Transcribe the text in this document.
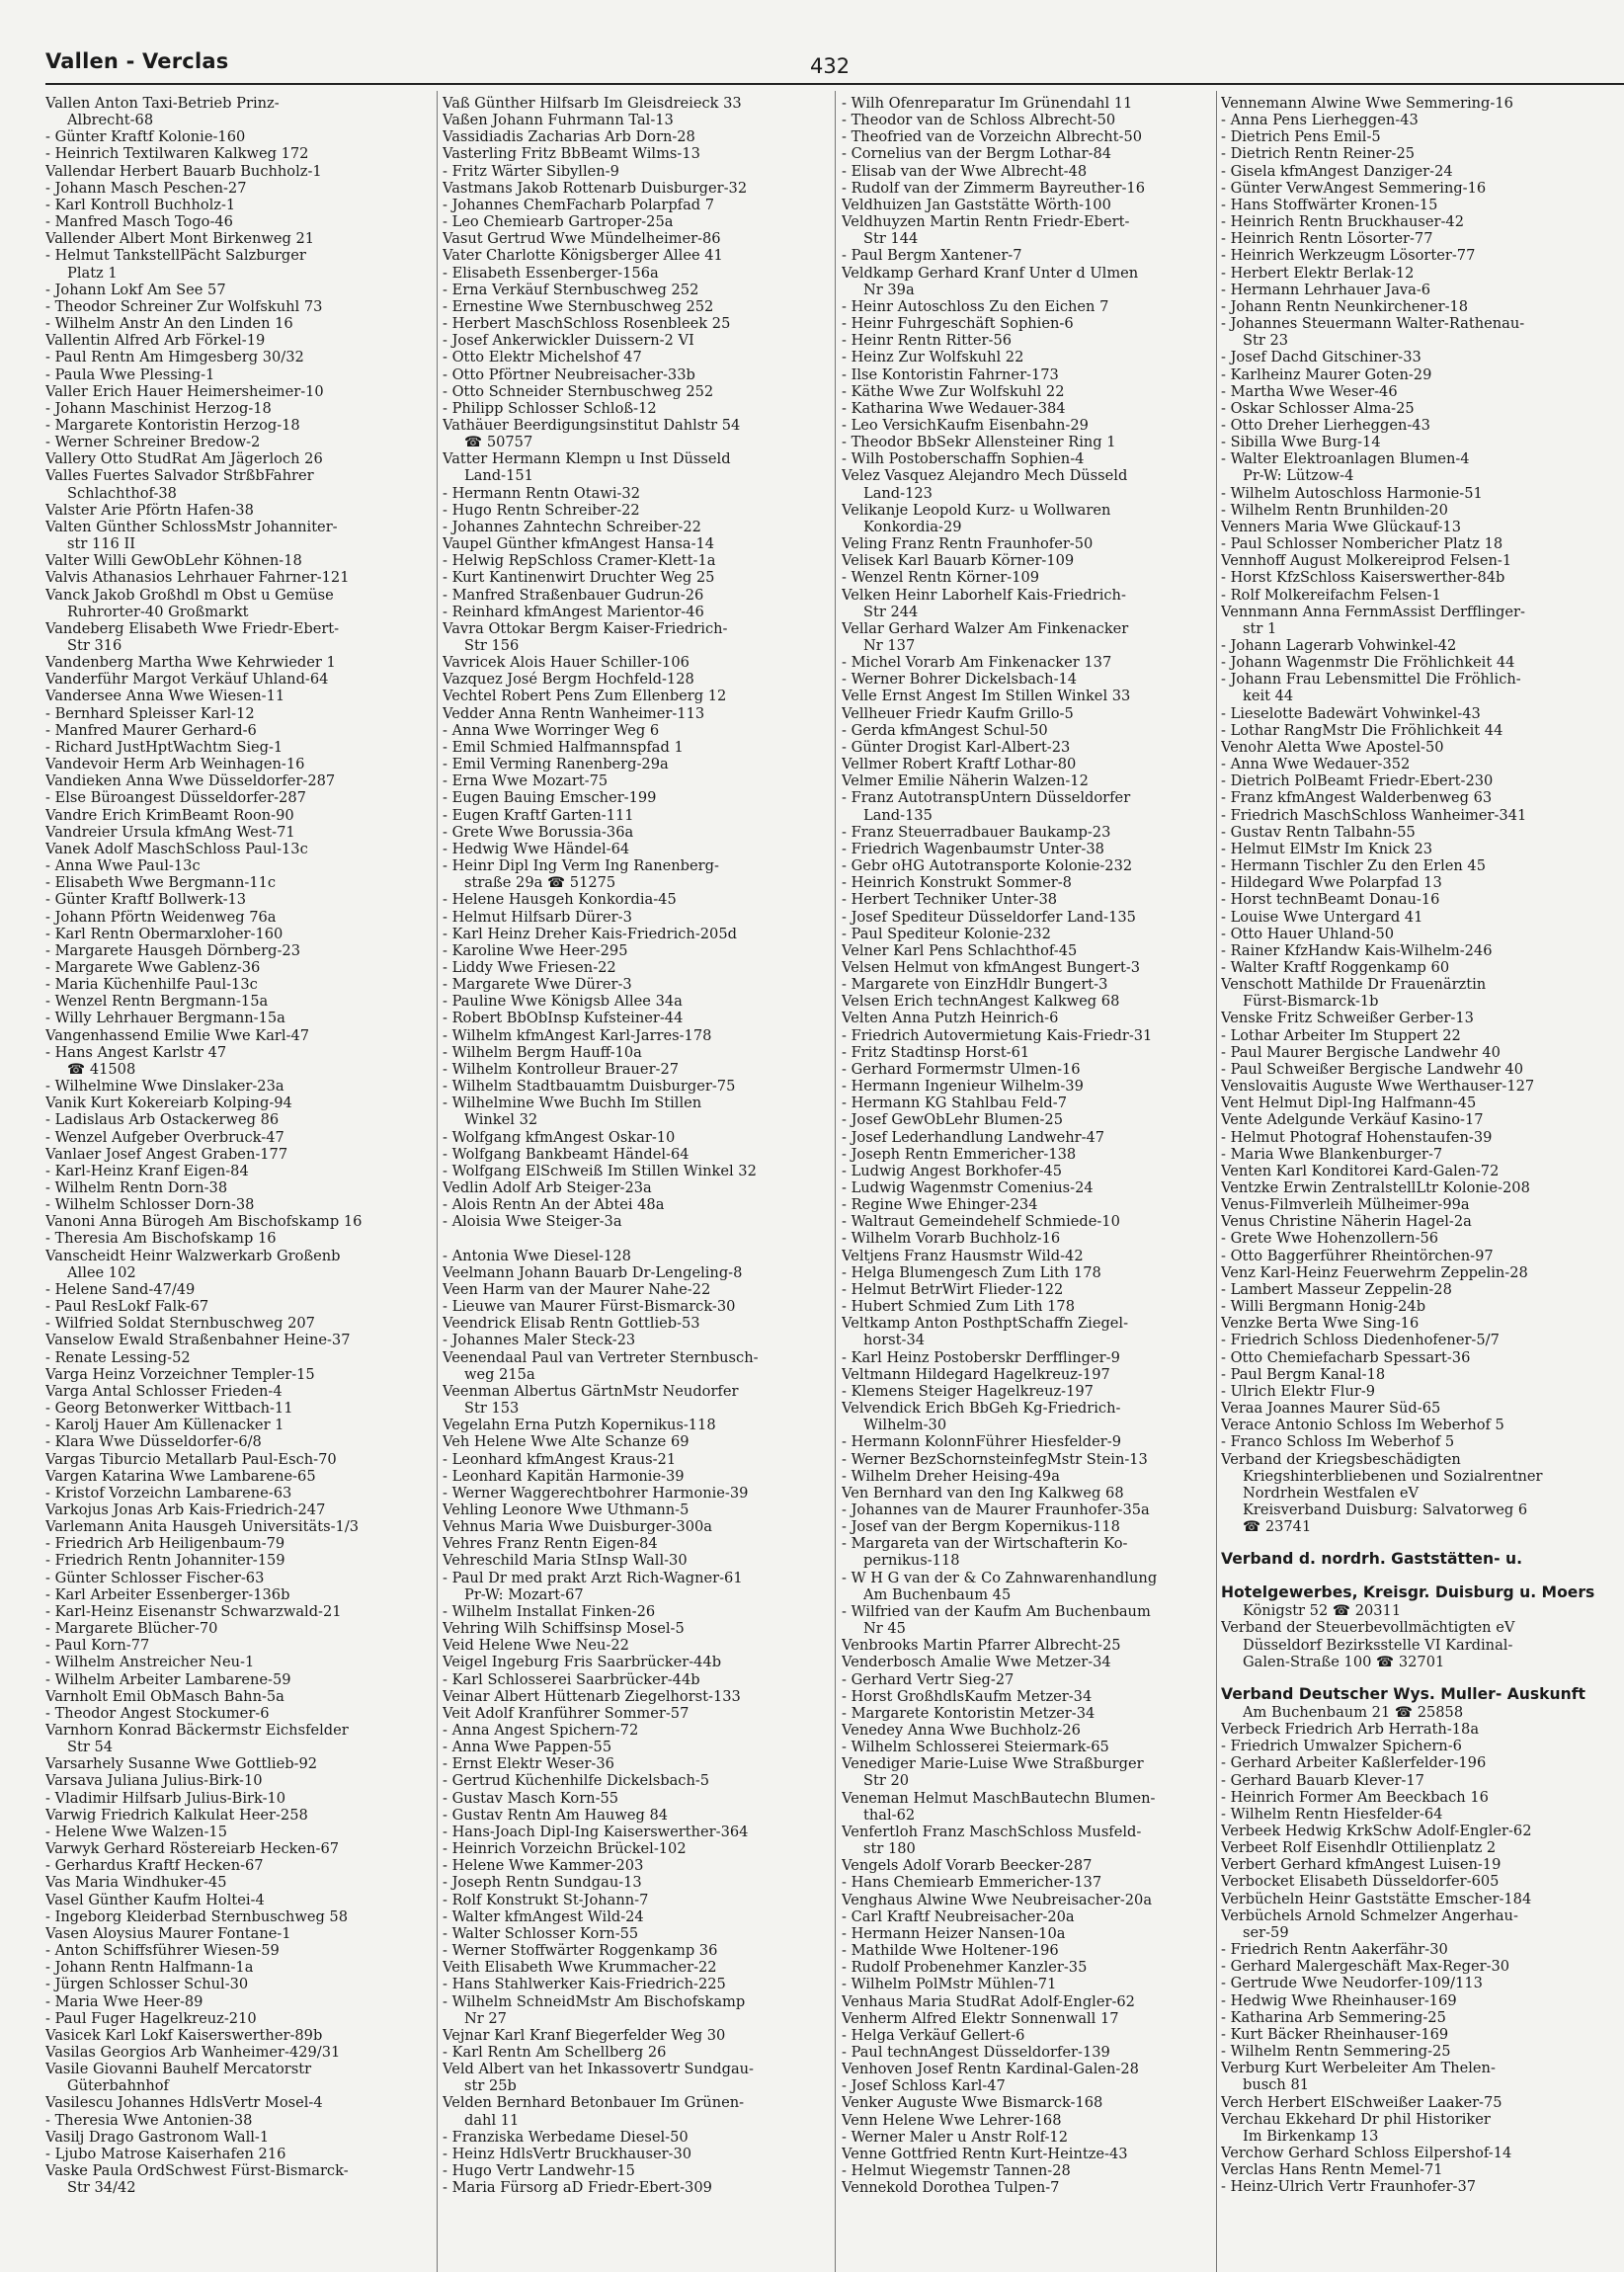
Vallen - Verclas	432
Vallen Anton Taxi-Betrieb Prinz-
Albrecht-68
- Günter Kraftf Kolonie-160
- Heinrich Textilwaren Kalkweg 172
Vallendar Herbert Bauarb Buchholz-1
- Johann Masch Peschen-27
- Karl Kontroll Buchholz-1
- Manfred Masch Togo-46
Vallender Albert Mont Birkenweg 21
- Helmut TankstellPächt Salzburger
Platz 1
- Johann Lokf Am See 57
- Theodor Schreiner Zur Wolfskuhl 73
- Wilhelm Anstr An den Linden 16
Vallentin Alfred Arb Förkel-19
- Paul Rentn Am Himgesberg 30/32
- Paula Wwe Plessing-1
Valler Erich Hauer Heimersheimer-10
- Johann Maschinist Herzog-18
- Margarete Kontoristin Herzog-18
- Werner Schreiner Bredow-2
Vallery Otto StudRat Am Jägerloch 26
Valles Fuertes Salvador StrßbFahrer
Schlachthof-38
Valster Arie Pförtn Hafen-38
Valten Günther SchlossMstr Johanniter-
str 116 II
Valter Willi GewObLehr Köhnen-18
Valvis Athanasios Lehrhauer Fahrner-121
Vanck Jakob Großhdl m Obst u Gemüse
Ruhrorter-40 Großmarkt
Vandeberg Elisabeth Wwe Friedr-Ebert-
Str 316
Vandenberg Martha Wwe Kehrwieder 1
Vanderführ Margot Verkäuf Uhland-64
Vandersee Anna Wwe Wiesen-11
- Bernhard Spleisser Karl-12
- Manfred Maurer Gerhard-6
- Richard JustHptWachtm Sieg-1
Vandevoir Herm Arb Weinhagen-16
Vandieken Anna Wwe Düsseldorfer-287
- Else Büroangest Düsseldorfer-287
Vandre Erich KrimBeamt Roon-90
Vandreier Ursula kfmAng West-71
Vanek Adolf MaschSchloss Paul-13c
- Anna Wwe Paul-13c
- Elisabeth Wwe Bergmann-11c
- Günter Kraftf Bollwerk-13
- Johann Pförtn Weidenweg 76a
- Karl Rentn Obermarxloher-160
- Margarete Hausgeh Dörnberg-23
- Margarete Wwe Gablenz-36
- Maria Küchenhilfe Paul-13c
- Wenzel Rentn Bergmann-15a
- Willy Lehrhauer Bergmann-15a
Vangenhassend Emilie Wwe Karl-47
- Hans Angest Karlstr 47
☎ 41508
- Wilhelmine Wwe Dinslaker-23a
Vanik Kurt Kokereiarb Kolping-94
- Ladislaus Arb Ostackerweg 86
- Wenzel Aufgeber Overbruck-47
Vanlaer Josef Angest Graben-177
- Karl-Heinz Kranf Eigen-84
- Wilhelm Rentn Dorn-38
- Wilhelm Schlosser Dorn-38
Vanoni Anna Bürogeh Am Bischofskamp 16
- Theresia Am Bischofskamp 16
Vanscheidt Heinr Walzwerkarb Großenb
Allee 102
- Helene Sand-47/49
- Paul ResLokf Falk-67
- Wilfried Soldat Sternbuschweg 207
Vanselow Ewald Straßenbahner Heine-37
- Renate Lessing-52
Varga Heinz Vorzeichner Templer-15
Varga Antal Schlosser Frieden-4
- Georg Betonwerker Wittbach-11
- Karolj Hauer Am Küllenacker 1
- Klara Wwe Düsseldorfer-6/8
Vargas Tiburcio Metallarb Paul-Esch-70
Vargen Katarina Wwe Lambarene-65
- Kristof Vorzeichn Lambarene-63
Varkojus Jonas Arb Kais-Friedrich-247
Varlemann Anita Hausgeh Universitäts-1/3
- Friedrich Arb Heiligenbaum-79
- Friedrich Rentn Johanniter-159
- Günter Schlosser Fischer-63
- Karl Arbeiter Essenberger-136b
- Karl-Heinz Eisenanstr Schwarzwald-21
- Margarete Blücher-70
- Paul Korn-77
- Wilhelm Anstreicher Neu-1
- Wilhelm Arbeiter Lambarene-59
Varnholt Emil ObMasch Bahn-5a
- Theodor Angest Stockumer-6
Varnhorn Konrad Bäckermstr Eichsfelder
Str 54
Varsarhely Susanne Wwe Gottlieb-92
Varsava Juliana Julius-Birk-10
- Vladimir Hilfsarb Julius-Birk-10
Varwig Friedrich Kalkulat Heer-258
- Helene Wwe Walzen-15
Varwyk Gerhard Röstereiarb Hecken-67
- Gerhardus Kraftf Hecken-67
Vas Maria Windhuker-45
Vasel Günther Kaufm Holtei-4
- Ingeborg Kleiderbad Sternbuschweg 58
Vasen Aloysius Maurer Fontane-1
- Anton Schiffsführer Wiesen-59
- Johann Rentn Halfmann-1a
- Jürgen Schlosser Schul-30
- Maria Wwe Heer-89
- Paul Fuger Hagelkreuz-210
Vasicek Karl Lokf Kaiserswerther-89b
Vasilas Georgios Arb Wanheimer-429/31
Vasile Giovanni Bauhelf Mercatorstr
Güterbahnhof
Vasilescu Johannes HdlsVertr Mosel-4
- Theresia Wwe Antonien-38
Vasilj Drago Gastronom Wall-1
- Ljubo Matrose Kaiserhafen 216
Vaske Paula OrdSchwest Fürst-Bismarck-
Str 34/42
Vaß Günther Hilfsarb Im Gleisdreieck 33
Vaßen Johann Fuhrmann Tal-13
Vassidiadis Zacharias Arb Dorn-28
Vasterling Fritz BbBeamt Wilms-13
- Fritz Wärter Sibyllen-9
Vastmans Jakob Rottenarb Duisburger-32
- Johannes ChemFacharb Polarpfad 7
- Leo Chemiearb Gartroper-25a
Vasut Gertrud Wwe Mündelheimer-86
Vater Charlotte Königsberger Allee 41
- Elisabeth Essenberger-156a
- Erna Verkäuf Sternbuschweg 252
- Ernestine Wwe Sternbuschweg 252
- Herbert MaschSchloss Rosenbleek 25
- Josef Ankerwickler Duissern-2 VI
- Otto Elektr Michelshof 47
- Otto Pförtner Neubreisacher-33b
- Otto Schneider Sternbuschweg 252
- Philipp Schlosser Schloß-12
Vathäuer Beerdigungsinstitut Dahlstr 54
☎ 50757
Vatter Hermann Klempn u Inst Düsseld
Land-151
- Hermann Rentn Otawi-32
- Hugo Rentn Schreiber-22
- Johannes Zahntechn Schreiber-22
Vaupel Günther kfmAngest Hansa-14
- Helwig RepSchloss Cramer-Klett-1a
- Kurt Kantinenwirt Druchter Weg 25
- Manfred Straßenbauer Gudrun-26
- Reinhard kfmAngest Marientor-46
Vavra Ottokar Bergm Kaiser-Friedrich-
Str 156
Vavricek Alois Hauer Schiller-106
Vazquez José Bergm Hochfeld-128
Vechtel Robert Pens Zum Ellenberg 12
Vedder Anna Rentn Wanheimer-113
- Anna Wwe Worringer Weg 6
- Emil Schmied Halfmannspfad 1
- Emil Verming Ranenberg-29a
- Erna Wwe Mozart-75
- Eugen Bauing Emscher-199
- Eugen Kraftf Garten-111
- Grete Wwe Borussia-36a
- Hedwig Wwe Händel-64
- Heinr Dipl Ing Verm Ing Ranenberg-
straße 29a ☎ 51275
- Helene Hausgeh Konkordia-45
- Helmut Hilfsarb Dürer-3
- Karl Heinz Dreher Kais-Friedrich-205d
- Karoline Wwe Heer-295
- Liddy Wwe Friesen-22
- Margarete Wwe Dürer-3
- Pauline Wwe Königsb Allee 34a
- Robert BbObInsp Kufsteiner-44
- Wilhelm kfmAngest Karl-Jarres-178
- Wilhelm Bergm Hauff-10a
- Wilhelm Kontrolleur Brauer-27
- Wilhelm Stadtbauamtm Duisburger-75
- Wilhelmine Wwe Buchh Im Stillen
Winkel 32
- Wolfgang kfmAngest Oskar-10
- Wolfgang Bankbeamt Händel-64
- Wolfgang ElSchweiß Im Stillen Winkel 32
Vedlin Adolf Arb Steiger-23a
- Alois Rentn An der Abtei 48a
- Aloisia Wwe Steiger-3a

- Antonia Wwe Diesel-128
Veelmann Johann Bauarb Dr-Lengeling-8
Veen Harm van der Maurer Nahe-22
- Lieuwe van Maurer Fürst-Bismarck-30
Veendrick Elisab Rentn Gottlieb-53
- Johannes Maler Steck-23
Veenendaal Paul van Vertreter Sternbusch-
weg 215a
Veenman Albertus GärtnMstr Neudorfer
Str 153
Vegelahn Erna Putzh Kopernikus-118
Veh Helene Wwe Alte Schanze 69
- Leonhard kfmAngest Kraus-21
- Leonhard Kapitän Harmonie-39
- Werner Waggerechtbohrer Harmonie-39
Vehling Leonore Wwe Uthmann-5
Vehnus Maria Wwe Duisburger-300a
Vehres Franz Rentn Eigen-84
Vehreschild Maria StInsp Wall-30
- Paul Dr med prakt Arzt Rich-Wagner-61
Pr-W: Mozart-67
- Wilhelm Installat Finken-26
Vehring Wilh Schiffsinsp Mosel-5
Veid Helene Wwe Neu-22
Veigel Ingeburg Fris Saarbrücker-44b
- Karl Schlosserei Saarbrücker-44b
Veinar Albert Hüttenarb Ziegelhorst-133
Veit Adolf Kranführer Sommer-57
- Anna Angest Spichern-72
- Anna Wwe Pappen-55
- Ernst Elektr Weser-36
- Gertrud Küchenhilfe Dickelsbach-5
- Gustav Masch Korn-55
- Gustav Rentn Am Hauweg 84
- Hans-Joach Dipl-Ing Kaiserswerther-364
- Heinrich Vorzeichn Brückel-102
- Helene Wwe Kammer-203
- Joseph Rentn Sundgau-13
- Rolf Konstrukt St-Johann-7
- Walter kfmAngest Wild-24
- Walter Schlosser Korn-55
- Werner Stoffwärter Roggenkamp 36
Veith Elisabeth Wwe Krummacher-22
- Hans Stahlwerker Kais-Friedrich-225
- Wilhelm SchneidMstr Am Bischofskamp
Nr 27
Vejnar Karl Kranf Biegerfelder Weg 30
- Karl Rentn Am Schellberg 26
Veld Albert van het Inkassovertr Sundgau-
str 25b
Velden Bernhard Betonbauer Im Grünen-
dahl 11
- Franziska Werbedame Diesel-50
- Heinz HdlsVertr Bruckhauser-30
- Hugo Vertr Landwehr-15
- Maria Fürsorg aD Friedr-Ebert-309
- Wilh Ofenreparatur Im Grünendahl 11
- Theodor van de Schloss Albrecht-50
- Theofried van de Vorzeichn Albrecht-50
- Cornelius van der Bergm Lothar-84
- Elisab van der Wwe Albrecht-48
- Rudolf van der Zimmerm Bayreuther-16
Veldhuizen Jan Gaststätte Wörth-100
Veldhuyzen Martin Rentn Friedr-Ebert-
Str 144
- Paul Bergm Xantener-7
Veldkamp Gerhard Kranf Unter d Ulmen
Nr 39a
- Heinr Autoschloss Zu den Eichen 7
- Heinr Fuhrgeschäft Sophien-6
- Heinr Rentn Ritter-56
- Heinz Zur Wolfskuhl 22
- Ilse Kontoristin Fahrner-173
- Käthe Wwe Zur Wolfskuhl 22
- Katharina Wwe Wedauer-384
- Leo VersichKaufm Eisenbahn-29
- Theodor BbSekr Allensteiner Ring 1
- Wilh Postoberschaffn Sophien-4
Velez Vasquez Alejandro Mech Düsseld
Land-123
Velikanje Leopold Kurz- u Wollwaren
Konkordia-29
Veling Franz Rentn Fraunhofer-50
Velisek Karl Bauarb Körner-109
- Wenzel Rentn Körner-109
Velken Heinr Laborhelf Kais-Friedrich-
Str 244
Vellar Gerhard Walzer Am Finkenacker
Nr 137
- Michel Vorarb Am Finkenacker 137
- Werner Bohrer Dickelsbach-14
Velle Ernst Angest Im Stillen Winkel 33
Vellheuer Friedr Kaufm Grillo-5
- Gerda kfmAngest Schul-50
- Günter Drogist Karl-Albert-23
Vellmer Robert Kraftf Lothar-80
Velmer Emilie Näherin Walzen-12
- Franz AutotranspUntern Düsseldorfer
Land-135
- Franz Steuerradbauer Baukamp-23
- Friedrich Wagenbaumstr Unter-38
- Gebr oHG Autotransporte Kolonie-232
- Heinrich Konstrukt Sommer-8
- Herbert Techniker Unter-38
- Josef Spediteur Düsseldorfer Land-135
- Paul Spediteur Kolonie-232
Velner Karl Pens Schlachthof-45
Velsen Helmut von kfmAngest Bungert-3
- Margarete von EinzHdlr Bungert-3
Velsen Erich technAngest Kalkweg 68
Velten Anna Putzh Heinrich-6
- Friedrich Autovermietung Kais-Friedr-31
- Fritz Stadtinsp Horst-61
- Gerhard Formermstr Ulmen-16
- Hermann Ingenieur Wilhelm-39
- Hermann KG Stahlbau Feld-7
- Josef GewObLehr Blumen-25
- Josef Lederhandlung Landwehr-47
- Joseph Rentn Emmericher-138
- Ludwig Angest Borkhofer-45
- Ludwig Wagenmstr Comenius-24
- Regine Wwe Ehinger-234
- Waltraut Gemeindehelf Schmiede-10
- Wilhelm Vorarb Buchholz-16
Veltjens Franz Hausmstr Wild-42
- Helga Blumengesch Zum Lith 178
- Helmut BetrWirt Flieder-122
- Hubert Schmied Zum Lith 178
Veltkamp Anton PosthptSchaffn Ziegel-
horst-34
- Karl Heinz Postoberskr Derfflinger-9
Veltmann Hildegard Hagelkreuz-197
- Klemens Steiger Hagelkreuz-197
Velvendick Erich BbGeh Kg-Friedrich-
Wilhelm-30
- Hermann KolonnFührer Hiesfelder-9
- Werner BezSchornsteinfegMstr Stein-13
- Wilhelm Dreher Heising-49a
Ven Bernhard van den Ing Kalkweg 68
- Johannes van de Maurer Fraunhofer-35a
- Josef van der Bergm Kopernikus-118
- Margareta van der Wirtschafterin Ko-
pernikus-118
- W H G van der & Co Zahnwarenhandlung
Am Buchenbaum 45
- Wilfried van der Kaufm Am Buchenbaum
Nr 45
Venbrooks Martin Pfarrer Albrecht-25
Venderbosch Amalie Wwe Metzer-34
- Gerhard Vertr Sieg-27
- Horst GroßhdlsKaufm Metzer-34
- Margarete Kontoristin Metzer-34
Venedey Anna Wwe Buchholz-26
- Wilhelm Schlosserei Steiermark-65
Venediger Marie-Luise Wwe Straßburger
Str 20
Veneman Helmut MaschBautechn Blumen-
thal-62
Venfertloh Franz MaschSchloss Musfeld-
str 180
Vengels Adolf Vorarb Beecker-287
- Hans Chemiearb Emmericher-137
Venghaus Alwine Wwe Neubreisacher-20a
- Carl Kraftf Neubreisacher-20a
- Hermann Heizer Nansen-10a
- Mathilde Wwe Holtener-196
- Rudolf Probenehmer Kanzler-35
- Wilhelm PolMstr Mühlen-71
Venhaus Maria StudRat Adolf-Engler-62
Venherm Alfred Elektr Sonnenwall 17
- Helga Verkäuf Gellert-6
- Paul technAngest Düsseldorfer-139
Venhoven Josef Rentn Kardinal-Galen-28
- Josef Schloss Karl-47
Venker Auguste Wwe Bismarck-168
Venn Helene Wwe Lehrer-168
- Werner Maler u Anstr Rolf-12
Venne Gottfried Rentn Kurt-Heintze-43
- Helmut Wiegemstr Tannen-28
Vennekold Dorothea Tulpen-7
Vennemann Alwine Wwe Semmering-16
- Anna Pens Lierheggen-43
- Dietrich Pens Emil-5
- Dietrich Rentn Reiner-25
- Gisela kfmAngest Danziger-24
- Günter VerwAngest Semmering-16
- Hans Stoffwärter Kronen-15
- Heinrich Rentn Bruckhauser-42
- Heinrich Rentn Lösorter-77
- Heinrich Werkzeugm Lösorter-77
- Herbert Elektr Berlak-12
- Hermann Lehrhauer Java-6
- Johann Rentn Neunkirchener-18
- Johannes Steuermann Walter-Rathenau-
Str 23
- Josef Dachd Gitschiner-33
- Karlheinz Maurer Goten-29
- Martha Wwe Weser-46
- Oskar Schlosser Alma-25
- Otto Dreher Lierheggen-43
- Sibilla Wwe Burg-14
- Walter Elektroanlagen Blumen-4
Pr-W: Lützow-4
- Wilhelm Autoschloss Harmonie-51
- Wilhelm Rentn Brunhilden-20
Venners Maria Wwe Glückauf-13
- Paul Schlosser Nombericher Platz 18
Vennhoff August Molkereiprod Felsen-1
- Horst KfzSchloss Kaiserswerther-84b
- Rolf Molkereifachm Felsen-1
Vennmann Anna FernmAssist Derfflinger-
str 1
- Johann Lagerarb Vohwinkel-42
- Johann Wagenmstr Die Fröhlichkeit 44
- Johann Frau Lebensmittel Die Fröhlich-
keit 44
- Lieselotte Badewärt Vohwinkel-43
- Lothar RangMstr Die Fröhlichkeit 44
Venohr Aletta Wwe Apostel-50
- Anna Wwe Wedauer-352
- Dietrich PolBeamt Friedr-Ebert-230
- Franz kfmAngest Walderbenweg 63
- Friedrich MaschSchloss Wanheimer-341
- Gustav Rentn Talbahn-55
- Helmut ElMstr Im Knick 23
- Hermann Tischler Zu den Erlen 45
- Hildegard Wwe Polarpfad 13
- Horst technBeamt Donau-16
- Louise Wwe Untergard 41
- Otto Hauer Uhland-50
- Rainer KfzHandw Kais-Wilhelm-246
- Walter Kraftf Roggenkamp 60
Venschott Mathilde Dr Frauenärztin
Fürst-Bismarck-1b
Venske Fritz Schweißer Gerber-13
- Lothar Arbeiter Im Stuppert 22
- Paul Maurer Bergische Landwehr 40
- Paul Schweißer Bergische Landwehr 40
Venslovaitis Auguste Wwe Werthauser-127
Vent Helmut Dipl-Ing Halfmann-45
Vente Adelgunde Verkäuf Kasino-17
- Helmut Photograf Hohenstaufen-39
- Maria Wwe Blankenburger-7
Venten Karl Konditorei Kard-Galen-72
Ventzke Erwin ZentralstellLtr Kolonie-208
Venus-Filmverleih Mülheimer-99a
Venus Christine Näherin Hagel-2a
- Grete Wwe Hohenzollern-56
- Otto Baggerführer Rheintörchen-97
Venz Karl-Heinz Feuerwehrm Zeppelin-28
- Lambert Masseur Zeppelin-28
- Willi Bergmann Honig-24b
Venzke Berta Wwe Sing-16
- Friedrich Schloss Diedenhofener-5/7
- Otto Chemiefacharb Spessart-36
- Paul Bergm Kanal-18
- Ulrich Elektr Flur-9
Veraa Joannes Maurer Süd-65
Verace Antonio Schloss Im Weberhof 5
- Franco Schloss Im Weberhof 5
Verband der Kriegsbeschädigten
Kriegshinterbliebenen und Sozialrentner
Nordrhein Westfalen eV
Kreisverband Duisburg: Salvatorweg 6
☎ 23741
Verband d. nordrh. Gaststätten- u.
Hotelgewerbes, Kreisgr. Duisburg u. Moers
Königstr 52 ☎ 20311
Verband der Steuerbevollmächtigten eV
Düsseldorf Bezirksstelle VI Kardinal-
Galen-Straße 100 ☎ 32701
Verband Deutscher Wys. Muller- Auskunft
Am Buchenbaum 21 ☎ 25858
Verbeck Friedrich Arb Herrath-18a
- Friedrich Umwalzer Spichern-6
- Gerhard Arbeiter Kaßlerfelder-196
- Gerhard Bauarb Klever-17
- Heinrich Former Am Beeckbach 16
- Wilhelm Rentn Hiesfelder-64
Verbeek Hedwig KrkSchw Adolf-Engler-62
Verbeet Rolf Eisenhdlr Ottilienplatz 2
Verbert Gerhard kfmAngest Luisen-19
Verbocket Elisabeth Düsseldorfer-605
Verbücheln Heinr Gaststätte Emscher-184
Verbüchels Arnold Schmelzer Angerhau-
ser-59
- Friedrich Rentn Aakerfähr-30
- Gerhard Malergeschäft Max-Reger-30
- Gertrude Wwe Neudorfer-109/113
- Hedwig Wwe Rheinhauser-169
- Katharina Arb Semmering-25
- Kurt Bäcker Rheinhauser-169
- Wilhelm Rentn Semmering-25
Verburg Kurt Werbeleiter Am Thelen-
busch 81
Verch Herbert ElSchweißer Laaker-75
Verchau Ekkehard Dr phil Historiker
Im Birkenkamp 13
Verchow Gerhard Schloss Eilpershof-14
Verclas Hans Rentn Memel-71
- Heinz-Ulrich Vertr Fraunhofer-37
